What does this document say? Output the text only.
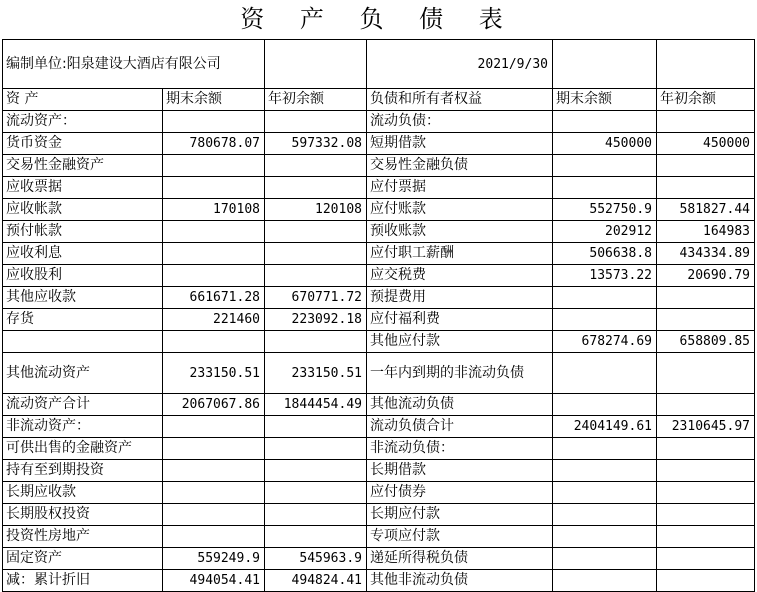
资 产 负 债 表
编制单位:阳泉建设大酒店有限公司			2021/9/30		
资 产	期末余额	年初余额	负债和所有者权益	期末余额	年初余额
流动资产：			流动负债：		
货币资金	780678.07	597332.08	短期借款	450000	450000
交易性金融资产			交易性金融负债		
应收票据			应付票据		
应收帐款	170108	120108	应付账款	552750.9	581827.44
预付帐款			预收账款	202912	164983
应收利息			应付职工薪酬	506638.8	434334.89
应收股利			应交税费	13573.22	20690.79
其他应收款	661671.28	670771.72	预提费用		
存货	221460	223092.18	应付福利费		
			其他应付款	678274.69	658809.85
其他流动资产	233150.51	233150.51	一年内到期的非流动负债		
流动资产合计	2067067.86	1844454.49	其他流动负债		
非流动资产：			流动负债合计	2404149.61	2310645.97
可供出售的金融资产			非流动负债：		
持有至到期投资			长期借款		
长期应收款			应付债券		
长期股权投资			长期应付款		
投资性房地产			专项应付款		
固定资产	559249.9	545963.9	递延所得税负债		
减：累计折旧	494054.41	494824.41	其他非流动负债		
